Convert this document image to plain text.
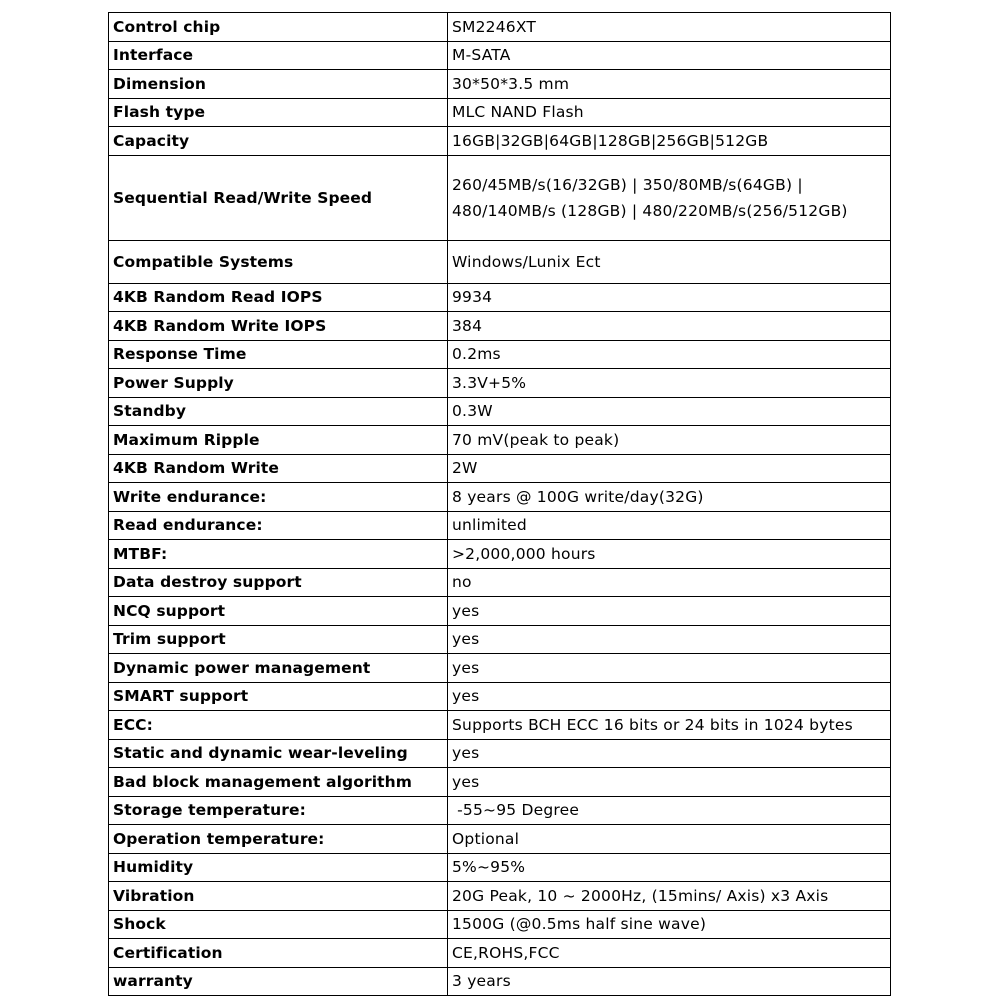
Control chip	SM2246XT
Interface	M-SATA
Dimension	30*50*3.5 mm
Flash type	MLC NAND Flash
Capacity	16GB|32GB|64GB|128GB|256GB|512GB
Sequential Read/Write Speed	260/45MB/s(16/32GB) | 350/80MB/s(64GB) |
480/140MB/s (128GB) | 480/220MB/s(256/512GB)

Compatible Systems	Windows/Lunix Ect
4KB Random Read IOPS	9934
4KB Random Write IOPS	384
Response Time	0.2ms
Power Supply	3.3V+5%
Standby	0.3W
Maximum Ripple	70 mV(peak to peak)
4KB Random Write	2W
Write endurance:	8 years @ 100G write/day(32G)
Read endurance:	unlimited
MTBF:	>2,000,000 hours
Data destroy support	no
NCQ support	yes
Trim support	yes
Dynamic power management	yes
SMART support	yes
ECC:	Supports BCH ECC 16 bits or 24 bits in 1024 bytes
Static and dynamic wear-leveling	yes
Bad block management algorithm	yes
Storage temperature:	-55~95 Degree
Operation temperature:	Optional
Humidity	5%~95%
Vibration	20G Peak, 10 ~ 2000Hz, (15mins/ Axis) x3 Axis
Shock	1500G (@0.5ms half sine wave)
Certification	CE,ROHS,FCC
warranty	3 years
